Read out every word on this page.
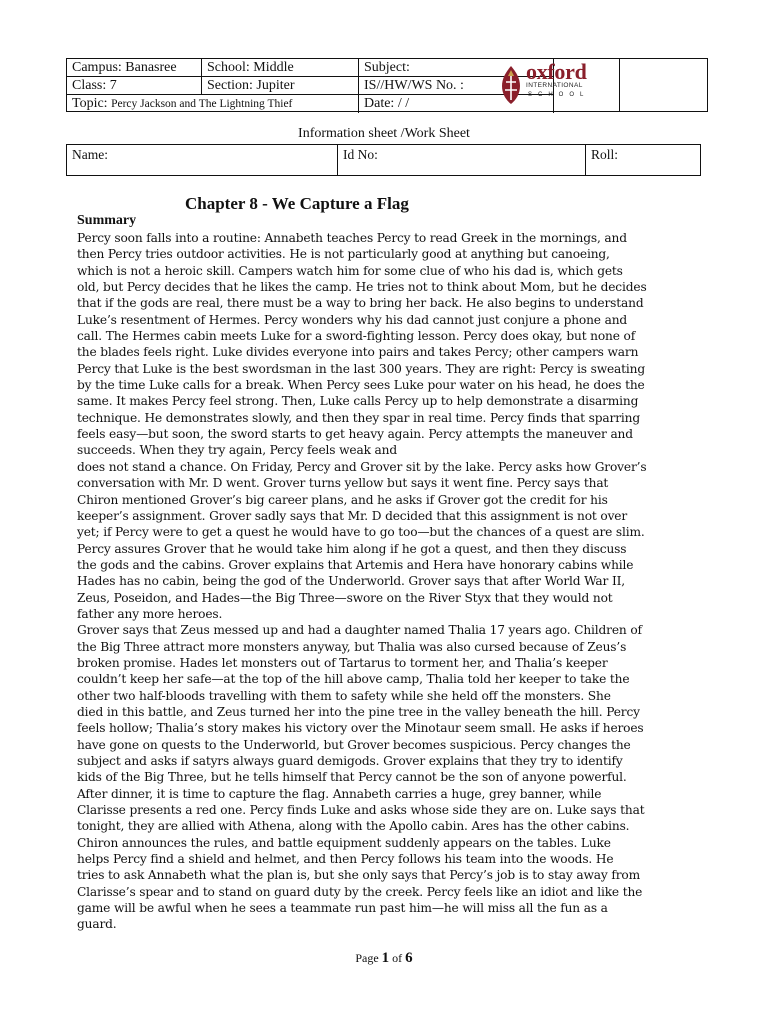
Campus: Banasree	School: Middle	Subject:
Class: 7	Section: Jupiter	IS//HW/WS No. :
Topic: Percy Jackson and The Lightning Thief	Date: / /
oxford
INTERNATIONAL
SCHOOL
Information sheet /Work Sheet
Name:	Id No:	Roll:
Chapter 8 - We Capture a Flag
Summary
Percy soon falls into a routine: Annabeth teaches Percy to read Greek in the mornings, and
then Percy tries outdoor activities. He is not particularly good at anything but canoeing,
which is not a heroic skill. Campers watch him for some clue of who his dad is, which gets
old, but Percy decides that he likes the camp. He tries not to think about Mom, but he decides
that if the gods are real, there must be a way to bring her back. He also begins to understand
Luke’s resentment of Hermes. Percy wonders why his dad cannot just conjure a phone and
call. The Hermes cabin meets Luke for a sword-fighting lesson. Percy does okay, but none of
the blades feels right. Luke divides everyone into pairs and takes Percy; other campers warn
Percy that Luke is the best swordsman in the last 300 years. They are right: Percy is sweating
by the time Luke calls for a break. When Percy sees Luke pour water on his head, he does the
same. It makes Percy feel strong. Then, Luke calls Percy up to help demonstrate a disarming
technique. He demonstrates slowly, and then they spar in real time. Percy finds that sparring
feels easy—but soon, the sword starts to get heavy again. Percy attempts the maneuver and
succeeds. When they try again, Percy feels weak and
does not stand a chance. On Friday, Percy and Grover sit by the lake. Percy asks how Grover’s
conversation with Mr. D went. Grover turns yellow but says it went fine. Percy says that
Chiron mentioned Grover’s big career plans, and he asks if Grover got the credit for his
keeper’s assignment. Grover sadly says that Mr. D decided that this assignment is not over
yet; if Percy were to get a quest he would have to go too—but the chances of a quest are slim.
Percy assures Grover that he would take him along if he got a quest, and then they discuss
the gods and the cabins. Grover explains that Artemis and Hera have honorary cabins while
Hades has no cabin, being the god of the Underworld. Grover says that after World War II,
Zeus, Poseidon, and Hades—the Big Three—swore on the River Styx that they would not
father any more heroes.
Grover says that Zeus messed up and had a daughter named Thalia 17 years ago. Children of
the Big Three attract more monsters anyway, but Thalia was also cursed because of Zeus’s
broken promise. Hades let monsters out of Tartarus to torment her, and Thalia’s keeper
couldn’t keep her safe—at the top of the hill above camp, Thalia told her keeper to take the
other two half-bloods travelling with them to safety while she held off the monsters. She
died in this battle, and Zeus turned her into the pine tree in the valley beneath the hill. Percy
feels hollow; Thalia’s story makes his victory over the Minotaur seem small. He asks if heroes
have gone on quests to the Underworld, but Grover becomes suspicious. Percy changes the
subject and asks if satyrs always guard demigods. Grover explains that they try to identify
kids of the Big Three, but he tells himself that Percy cannot be the son of anyone powerful.
After dinner, it is time to capture the flag. Annabeth carries a huge, grey banner, while
Clarisse presents a red one. Percy finds Luke and asks whose side they are on. Luke says that
tonight, they are allied with Athena, along with the Apollo cabin. Ares has the other cabins.
Chiron announces the rules, and battle equipment suddenly appears on the tables. Luke
helps Percy find a shield and helmet, and then Percy follows his team into the woods. He
tries to ask Annabeth what the plan is, but she only says that Percy’s job is to stay away from
Clarisse’s spear and to stand on guard duty by the creek. Percy feels like an idiot and like the
game will be awful when he sees a teammate run past him—he will miss all the fun as a
guard.
Page 1 of 6
